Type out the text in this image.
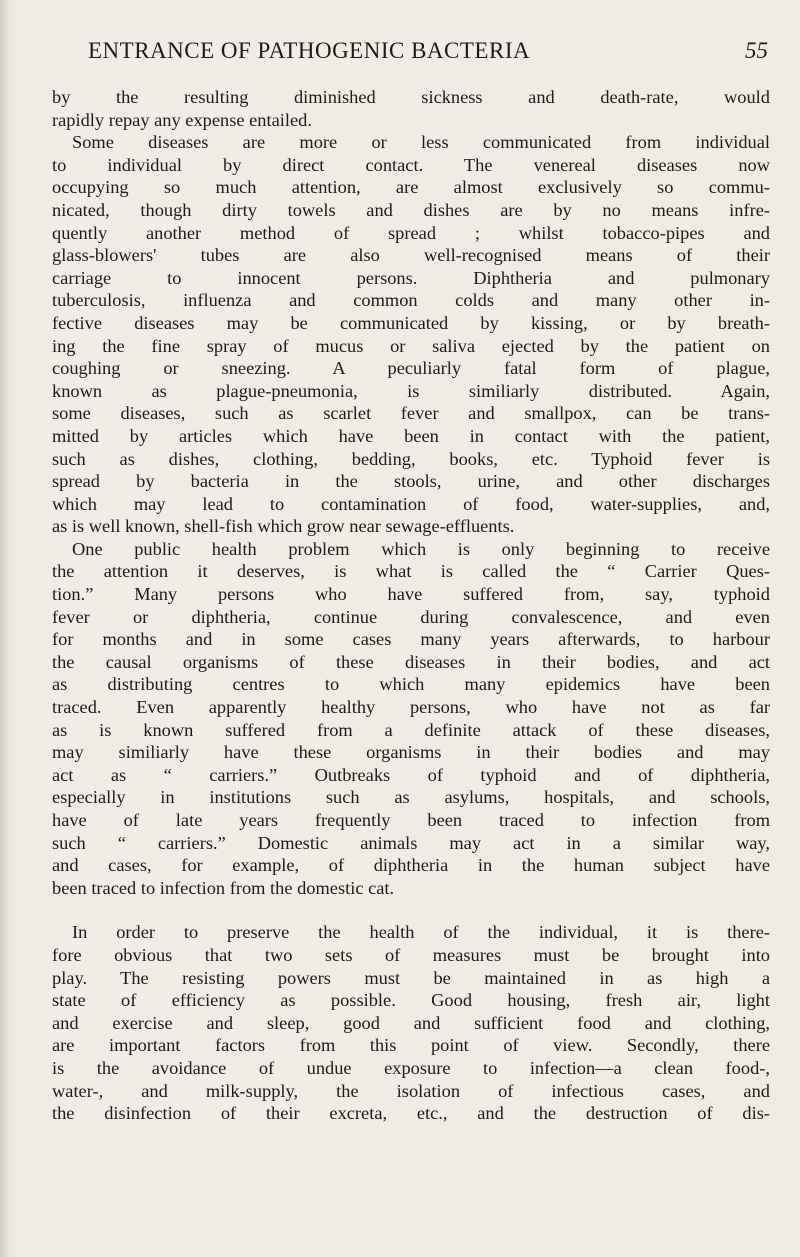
ENTRANCE OF PATHOGENIC BACTERIA	55
by the resulting diminished sickness and death-rate, would
rapidly repay any expense entailed.
Some diseases are more or less communicated from individual
to individual by direct contact. The venereal diseases now
occupying so much attention, are almost exclusively so commu-
nicated, though dirty towels and dishes are by no means infre-
quently another method of spread ; whilst tobacco-pipes and
glass-blowers' tubes are also well-recognised means of their
carriage to innocent persons. Diphtheria and pulmonary
tuberculosis, influenza and common colds and many other in-
fective diseases may be communicated by kissing, or by breath-
ing the fine spray of mucus or saliva ejected by the patient on
coughing or sneezing. A peculiarly fatal form of plague,
known as plague-pneumonia, is similiarly distributed. Again,
some diseases, such as scarlet fever and smallpox, can be trans-
mitted by articles which have been in contact with the patient,
such as dishes, clothing, bedding, books, etc. Typhoid fever is
spread by bacteria in the stools, urine, and other discharges
which may lead to contamination of food, water-supplies, and,
as is well known, shell-fish which grow near sewage-effluents.
One public health problem which is only beginning to receive
the attention it deserves, is what is called the “ Carrier Ques-
tion.” Many persons who have suffered from, say, typhoid
fever or diphtheria, continue during convalescence, and even
for months and in some cases many years afterwards, to harbour
the causal organisms of these diseases in their bodies, and act
as distributing centres to which many epidemics have been
traced. Even apparently healthy persons, who have not as far
as is known suffered from a definite attack of these diseases,
may similiarly have these organisms in their bodies and may
act as “ carriers.” Outbreaks of typhoid and of diphtheria,
especially in institutions such as asylums, hospitals, and schools,
have of late years frequently been traced to infection from
such “ carriers.” Domestic animals may act in a similar way,
and cases, for example, of diphtheria in the human subject have
been traced to infection from the domestic cat.
In order to preserve the health of the individual, it is there-
fore obvious that two sets of measures must be brought into
play. The resisting powers must be maintained in as high a
state of efficiency as possible. Good housing, fresh air, light
and exercise and sleep, good and sufficient food and clothing,
are important factors from this point of view. Secondly, there
is the avoidance of undue exposure to infection—a clean food-,
water-, and milk-supply, the isolation of infectious cases, and
the disinfection of their excreta, etc., and the destruction of dis-
